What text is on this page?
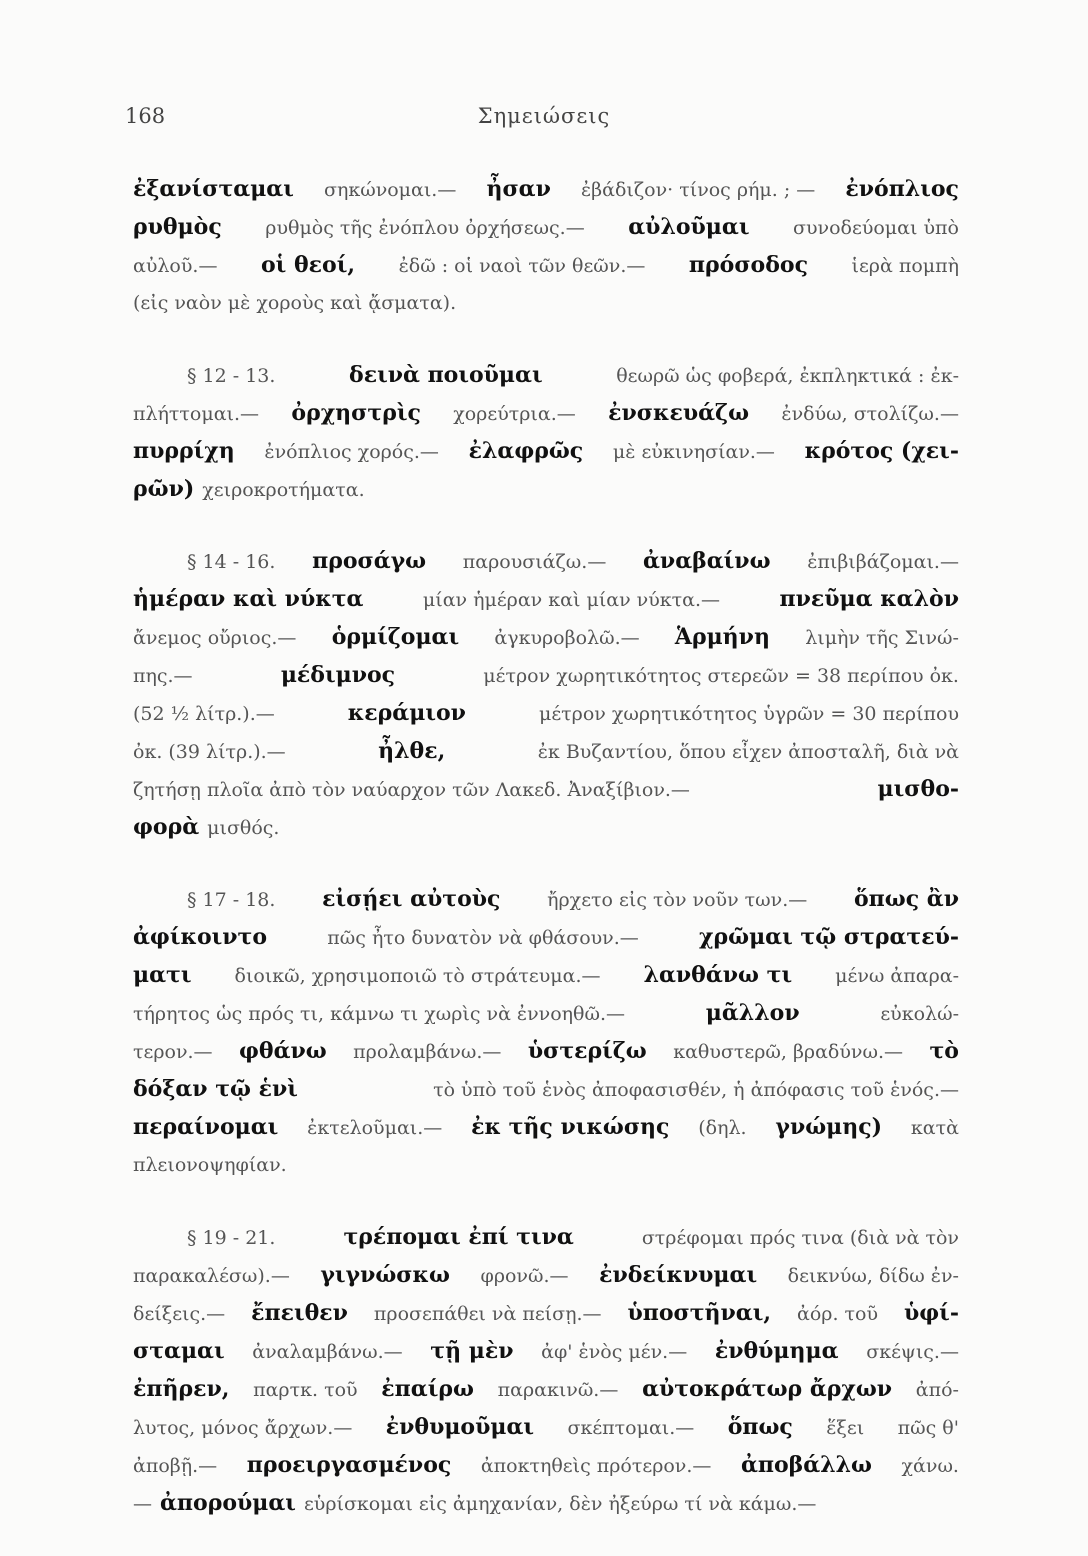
168	Σημειώσεις
ἐξανίσταμαι σηκώνομαι.— ἦσαν ἐβάδιζον· τίνος ρήμ. ; — ἐνόπλιος
ρυθμὸς ρυθμὸς τῆς ἐνόπλου ὀρχήσεως.— αὐλοῦμαι συνοδεύομαι ὑπὸ
αὐλοῦ.— οἱ θεοί, ἐδῶ : οἱ ναοὶ τῶν θεῶν.— πρόσοδος ἱερὰ πομπὴ
(εἰς ναὸν μὲ χοροὺς καὶ ᾄσματα).
§ 12 - 13.	δεινὰ ποιοῦμαι	θεωρῶ ὡς φοβερά, ἐκπληκτικά : ἐκ-
πλήττομαι.— ὀρχηστρὶς χορεύτρια.— ἐνσκευάζω ἐνδύω, στολίζω.—
πυρρίχη ἐνόπλιος χορός.— ἐλαφρῶς μὲ εὐκινησίαν.— κρότος (χει-
ρῶν) χειροκροτήματα.
§ 14 - 16. προσάγω παρουσιάζω.— ἀναβαίνω ἐπιβιβάζομαι.—
ἡμέραν καὶ νύκτα	μίαν ἡμέραν καὶ μίαν νύκτα.—	πνεῦμα καλὸν
ἄνεμος οὔριος.— ὁρμίζομαι ἀγκυροβολῶ.— Ἁρμήνη λιμὴν τῆς Σινώ-
πης.—	μέδιμνος	μέτρον χωρητικότητος στερεῶν = 38 περίπου ὀκ.
(52 ½ λίτρ.).—	κεράμιον	μέτρον χωρητικότητος ὑγρῶν = 30 περίπου
ὀκ. (39 λίτρ.).—	ἦλθε,	ἐκ Βυζαντίου, ὅπου εἶχεν ἀποσταλῆ, διὰ νὰ
ζητήσῃ πλοῖα ἀπὸ τὸν ναύαρχον τῶν Λακεδ. Ἀναξίβιον.—	μισθο-
φορὰ μισθός.
§ 17 - 18. εἰσῄει αὐτοὺς ἤρχετο εἰς τὸν νοῦν των.— ὅπως ἂν
ἀφίκοιντο	πῶς ἦτο δυνατὸν νὰ φθάσουν.—	χρῶμαι τῷ στρατεύ-
ματι διοικῶ, χρησιμοποιῶ τὸ στράτευμα.— λανθάνω τι μένω ἀπαρα-
τήρητος ὡς πρός τι, κάμνω τι χωρὶς νὰ ἐννοηθῶ.—	μᾶλλον	εὐκολώ-
τερον.— φθάνω προλαμβάνω.— ὑστερίζω καθυστερῶ, βραδύνω.— τὸ
δόξαν τῷ ἑνὶ	τὸ ὑπὸ τοῦ ἑνὸς ἀποφασισθέν, ἡ ἀπόφασις τοῦ ἑνός.—
περαίνομαι ἐκτελοῦμαι.— ἐκ τῆς νικώσης (δηλ. γνώμης) κατὰ
πλειονοψηφίαν.
§ 19 - 21.	τρέπομαι ἐπί τινα	στρέφομαι πρός τινα (διὰ νὰ τὸν
παρακαλέσω).— γιγνώσκω φρονῶ.— ἐνδείκνυμαι δεικνύω, δίδω ἐν-
δείξεις.— ἔπειθεν προσεπάθει νὰ πείσῃ.— ὑποστῆναι, ἀόρ. τοῦ ὑφί-
σταμαι ἀναλαμβάνω.— τῇ μὲν ἀφ' ἑνὸς μέν.— ἐνθύμημα σκέψις.—
ἐπῆρεν, παρτκ. τοῦ ἐπαίρω παρακινῶ.— αὐτοκράτωρ ἄρχων ἀπό-
λυτος, μόνος ἄρχων.— ἐνθυμοῦμαι σκέπτομαι.— ὅπως ἕξει πῶς θ'
ἀποβῇ.— προειργασμένος ἀποκτηθεὶς πρότερον.— ἀποβάλλω χάνω.
— ἀπορούμαι εὑρίσκομαι εἰς ἀμηχανίαν, δὲν ἠξεύρω τί νὰ κάμω.—
